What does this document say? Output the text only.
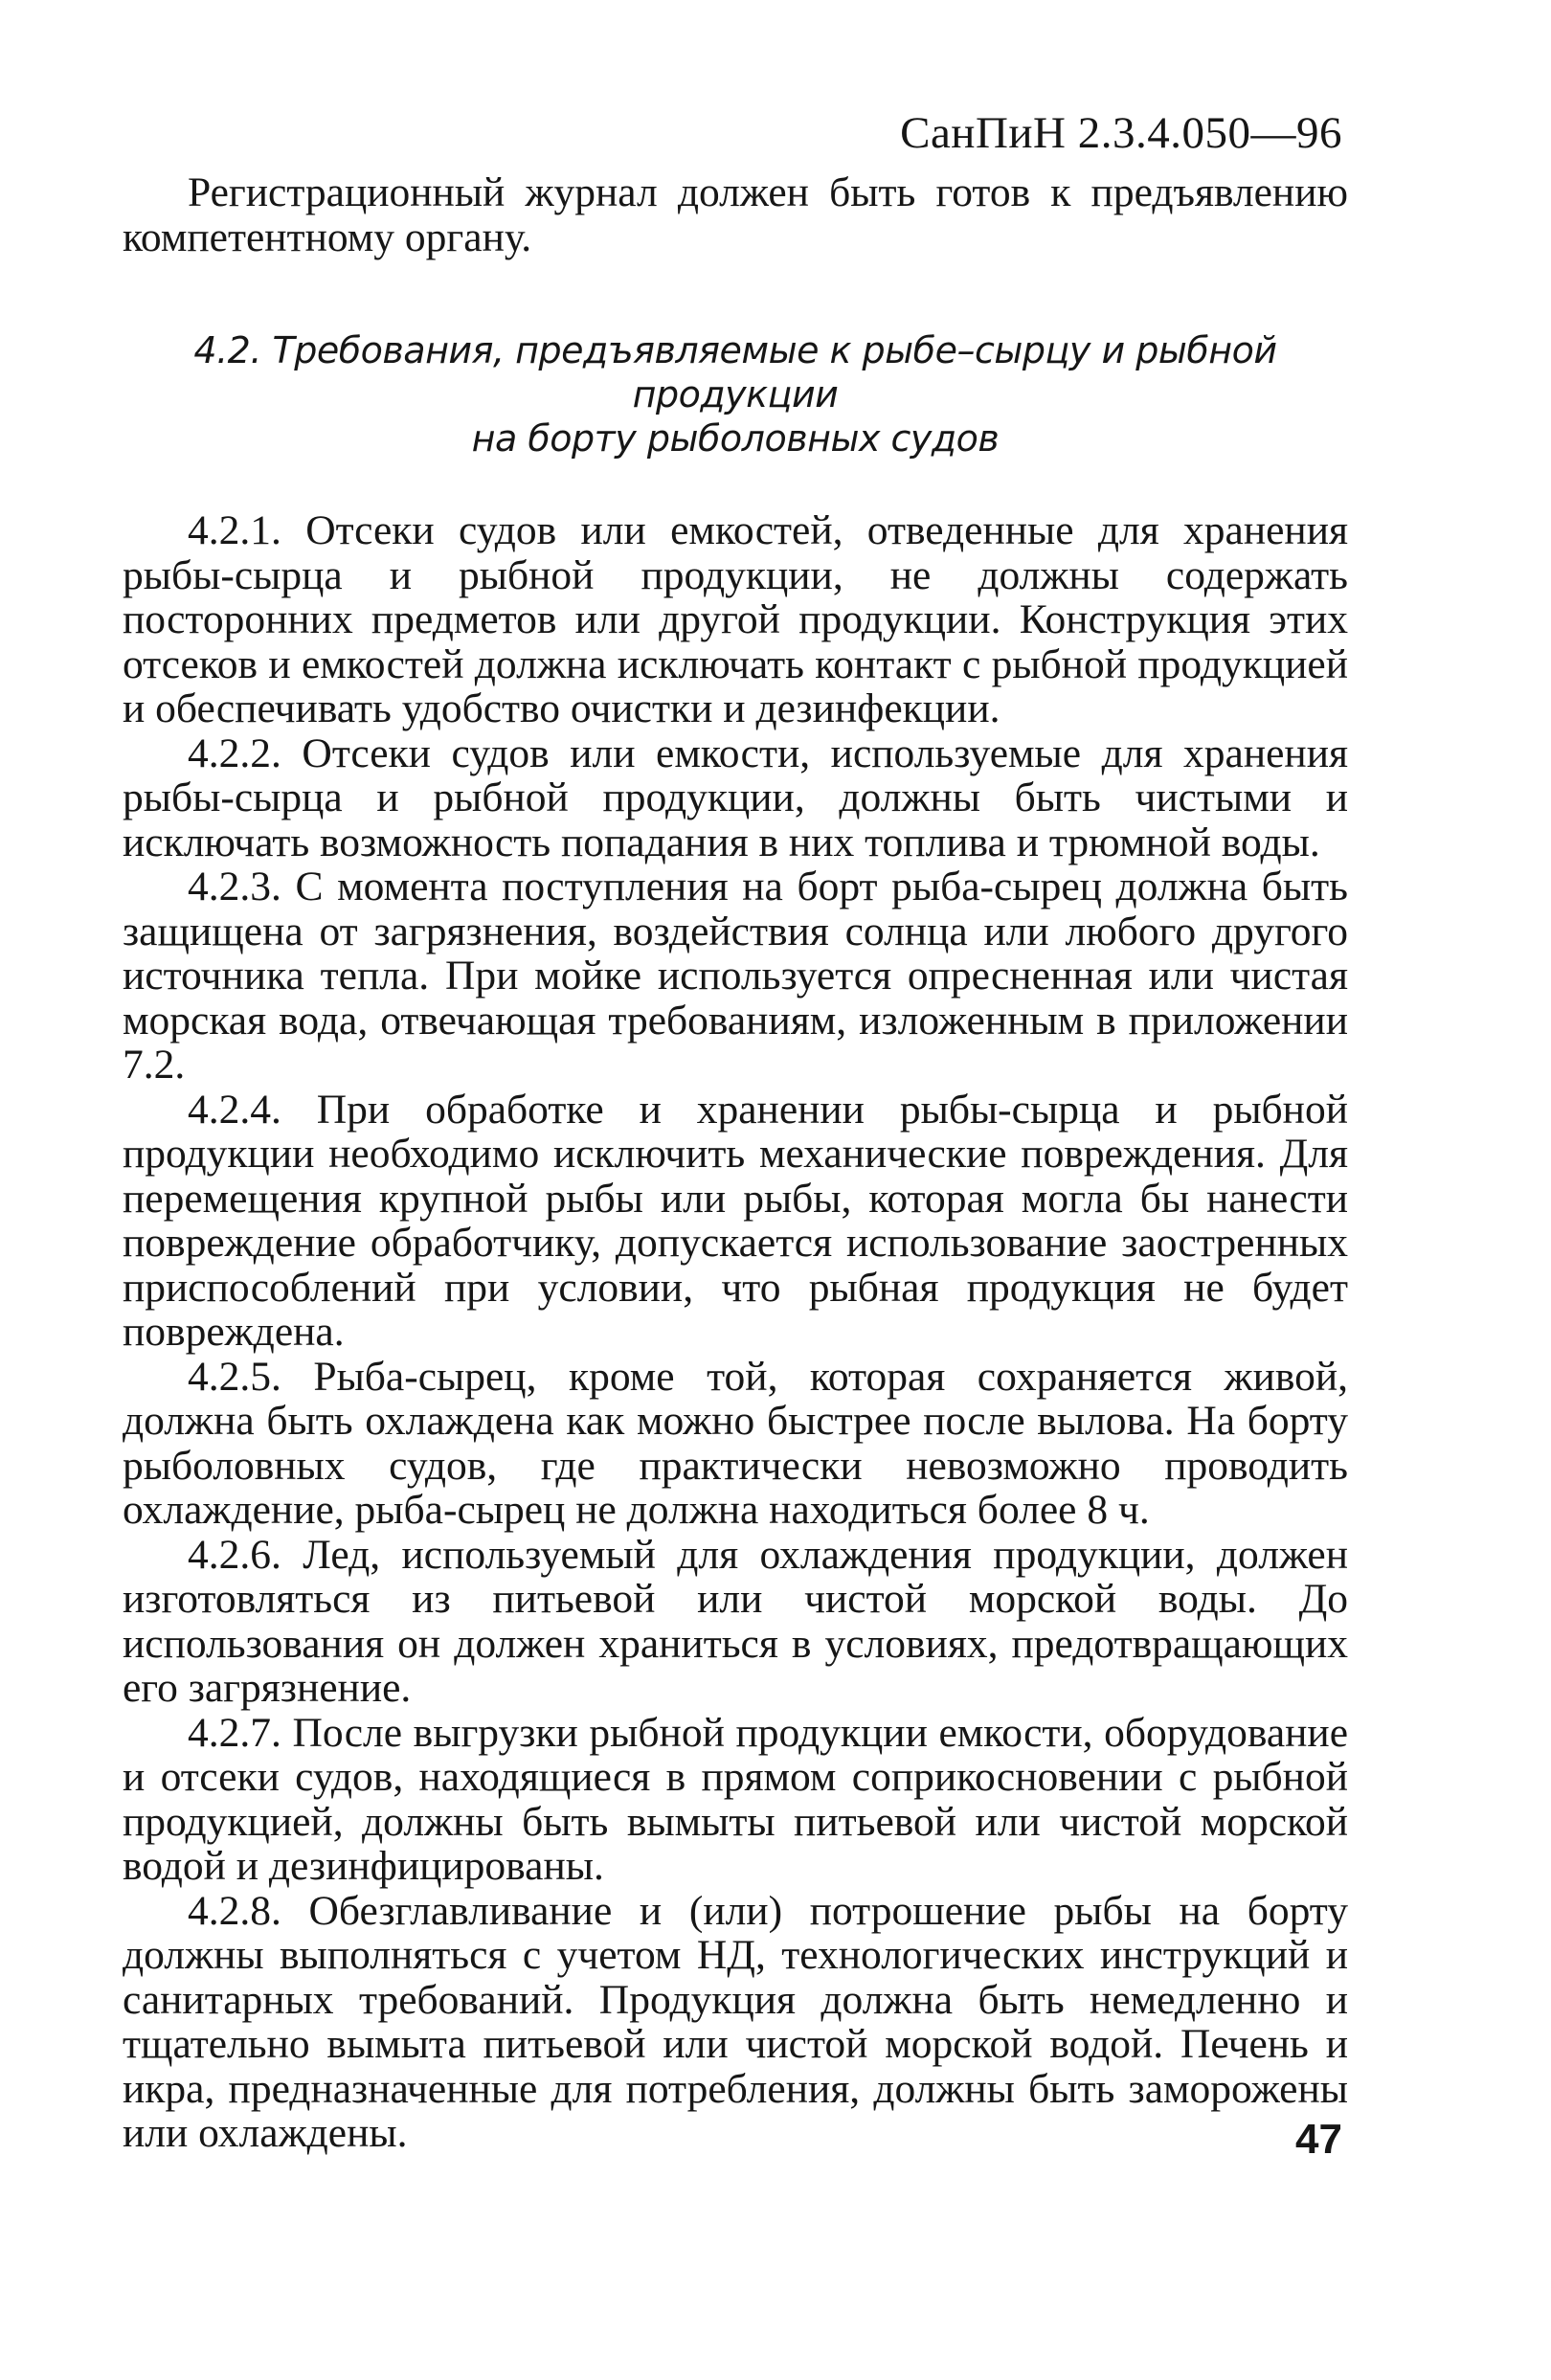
СанПиН 2.3.4.050—96

Регистрационный журнал должен быть готов к предъявлению компетентному органу.

4.2. Требования, предъявляемые к рыбе–сырцу и рыбной продукции
на борту рыболовных судов

4.2.1. Отсеки судов или емкостей, отведенные для хранения рыбы-сырца и рыбной продукции, не должны содержать посторонних предметов или другой продукции. Конструкция этих отсеков и емкостей должна исключать контакт с рыбной продукцией и обеспечивать удобство очистки и дезинфекции.

4.2.2. Отсеки судов или емкости, используемые для хранения рыбы-сырца и рыбной продукции, должны быть чистыми и исключать возможность попадания в них топлива и трюмной воды.

4.2.3. С момента поступления на борт рыба-сырец должна быть защищена от загрязнения, воздействия солнца или любого другого источника тепла. При мойке используется опресненная или чистая морская вода, отвечающая требованиям, изложенным в приложении 7.2.

4.2.4. При обработке и хранении рыбы-сырца и рыбной продукции необходимо исключить механические повреждения. Для перемещения крупной рыбы или рыбы, которая могла бы нанести повреждение обработчику, допускается использование заостренных приспособлений при условии, что рыбная продукция не будет повреждена.

4.2.5. Рыба-сырец, кроме той, которая сохраняется живой, должна быть охлаждена как можно быстрее после вылова. На борту рыболовных судов, где практически невозможно проводить охлаждение, рыба-сырец не должна находиться более 8 ч.

4.2.6. Лед, используемый для охлаждения продукции, должен изготовляться из питьевой или чистой морской воды. До использования он должен храниться в условиях, предотвращающих его загрязнение.

4.2.7. После выгрузки рыбной продукции емкости, оборудование и отсеки судов, находящиеся в прямом соприкосновении с рыбной продукцией, должны быть вымыты питьевой или чистой морской водой и дезинфицированы.

4.2.8. Обезглавливание и (или) потрошение рыбы на борту должны выполняться с учетом НД, технологических инструкций и санитарных требований. Продукция должна быть немедленно и тщательно вымыта питьевой или чистой морской водой. Печень и икра, предназначенные для потребления, должны быть заморожены или охлаждены.	47
